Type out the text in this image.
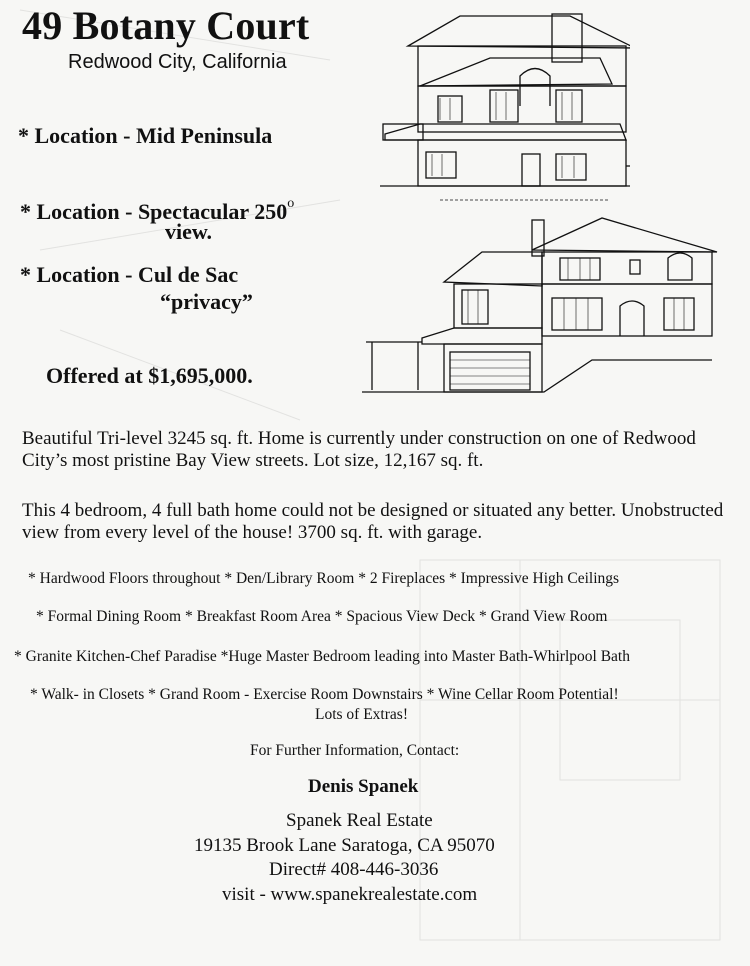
49 Botany Court
Redwood City, California
* Location - Mid Peninsula
* Location - Spectacular 250$^o$
view.
* Location - Cul de Sac
“privacy”
Offered at $1,695,000.

Beautiful Tri-level 3245 sq. ft. Home is currently under construction on one of Redwood City’s most pristine Bay View streets. Lot size, 12,167 sq. ft.

This 4 bedroom, 4 full bath home could not be designed or situated any better. Unobstructed view from every level of the house! 3700 sq. ft. with garage.

* Hardwood Floors throughout * Den/Library Room * 2 Fireplaces * Impressive High Ceilings
* Formal Dining Room * Breakfast Room Area * Spacious View Deck * Grand View Room
* Granite Kitchen-Chef Paradise *Huge Master Bedroom leading into Master Bath-Whirlpool Bath
* Walk- in Closets * Grand Room - Exercise Room Downstairs * Wine Cellar Room Potential!
Lots of Extras!
For Further Information, Contact:
Denis Spanek
Spanek Real Estate
19135 Brook Lane Saratoga, CA 95070
Direct# 408-446-3036
visit - www.spanekrealestate.com
